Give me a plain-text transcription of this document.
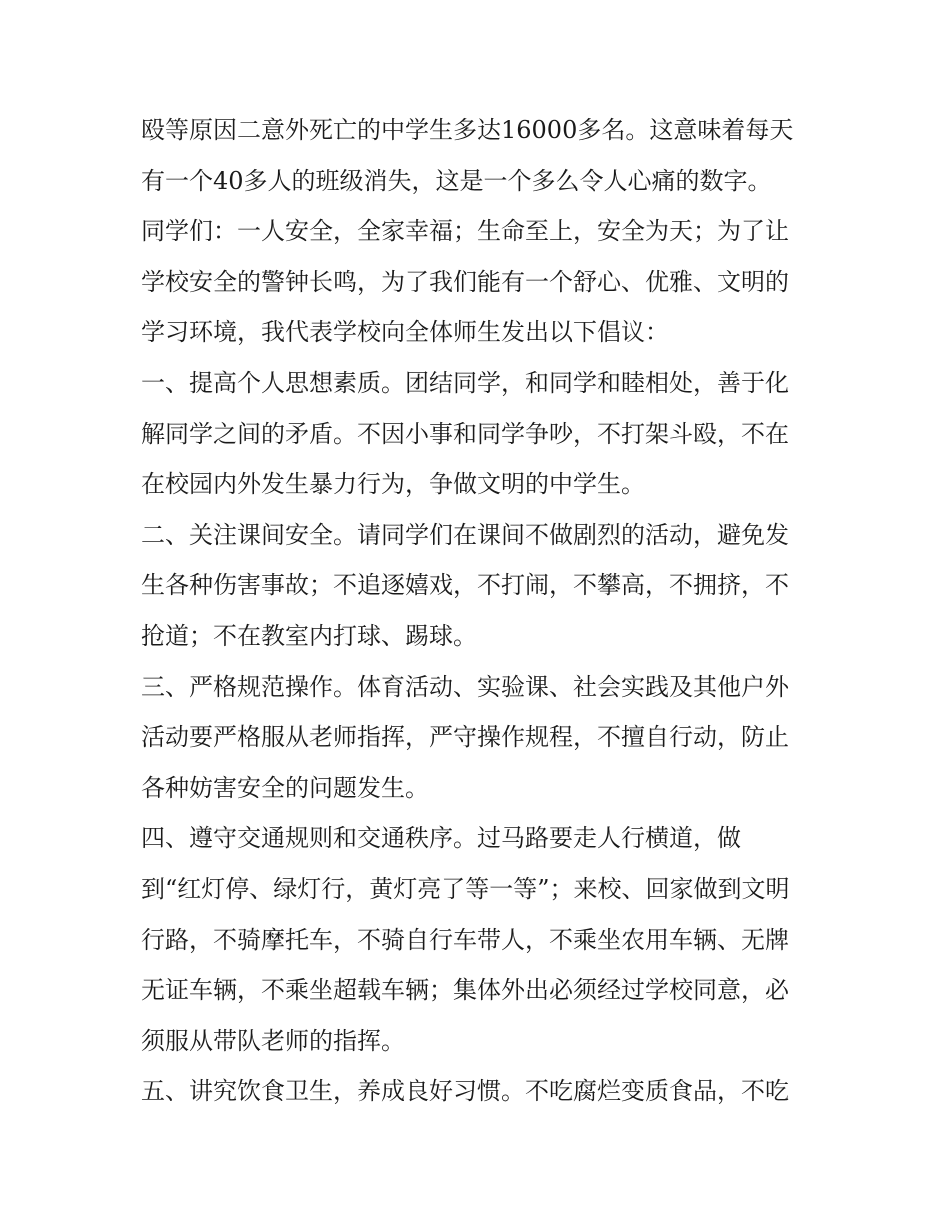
殴等原因二意外死亡的中学生多达16000多名。这意味着每天
有一个40多人的班级消失，这是一个多么令人心痛的数字。
同学们：一人安全，全家幸福；生命至上，安全为天；为了让
学校安全的警钟长鸣，为了我们能有一个舒心、优雅、文明的
学习环境，我代表学校向全体师生发出以下倡议：
一、提高个人思想素质。团结同学，和同学和睦相处，善于化
解同学之间的矛盾。不因小事和同学争吵，不打架斗殴，不在
在校园内外发生暴力行为，争做文明的中学生。
二、关注课间安全。请同学们在课间不做剧烈的活动，避免发
生各种伤害事故；不追逐嬉戏，不打闹，不攀高，不拥挤，不
抢道；不在教室内打球、踢球。
三、严格规范操作。体育活动、实验课、社会实践及其他户外
活动要严格服从老师指挥，严守操作规程，不擅自行动，防止
各种妨害安全的问题发生。
四、遵守交通规则和交通秩序。过马路要走人行横道，做
到“红灯停、绿灯行，黄灯亮了等一等”；来校、回家做到文明
行路，不骑摩托车，不骑自行车带人，不乘坐农用车辆、无牌
无证车辆，不乘坐超载车辆；集体外出必须经过学校同意，必
须服从带队老师的指挥。
五、讲究饮食卫生，养成良好习惯。不吃腐烂变质食品，不吃
